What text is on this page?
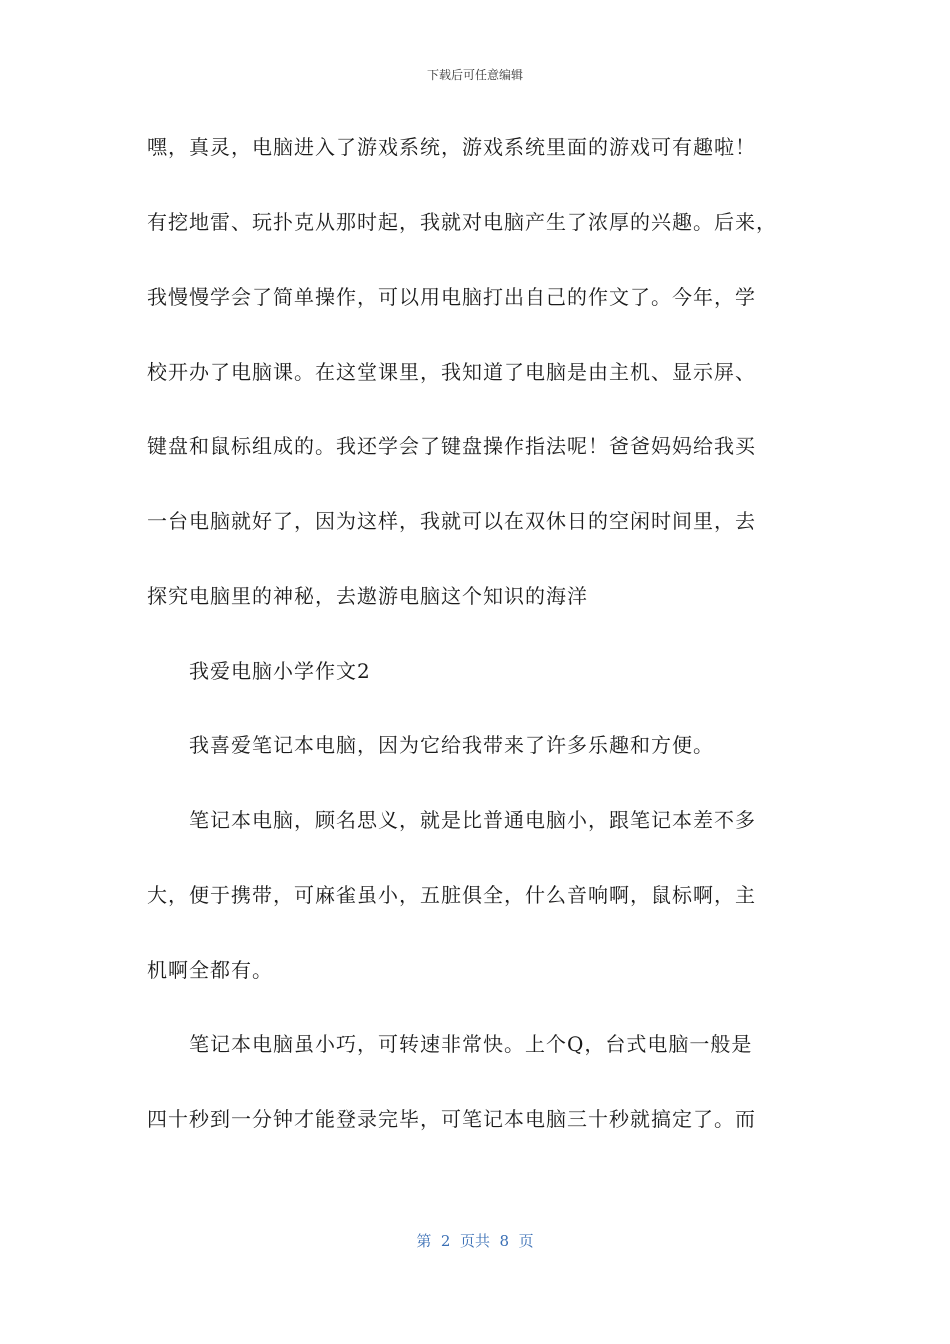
下载后可任意编辑
嘿，真灵，电脑进入了游戏系统，游戏系统里面的游戏可有趣啦！
有挖地雷、玩扑克从那时起，我就对电脑产生了浓厚的兴趣。后来，
我慢慢学会了简单操作，可以用电脑打出自己的作文了。今年，学
校开办了电脑课。在这堂课里，我知道了电脑是由主机、显示屏、
键盘和鼠标组成的。我还学会了键盘操作指法呢！爸爸妈妈给我买
一台电脑就好了，因为这样，我就可以在双休日的空闲时间里，去
探究电脑里的神秘，去遨游电脑这个知识的海洋
我爱电脑小学作文2
我喜爱笔记本电脑，因为它给我带来了许多乐趣和方便。
笔记本电脑，顾名思义，就是比普通电脑小，跟笔记本差不多
大，便于携带，可麻雀虽小，五脏俱全，什么音响啊，鼠标啊，主
机啊全都有。
笔记本电脑虽小巧，可转速非常快。上个Q，台式电脑一般是
四十秒到一分钟才能登录完毕，可笔记本电脑三十秒就搞定了。而
第  2  页共  8  页
